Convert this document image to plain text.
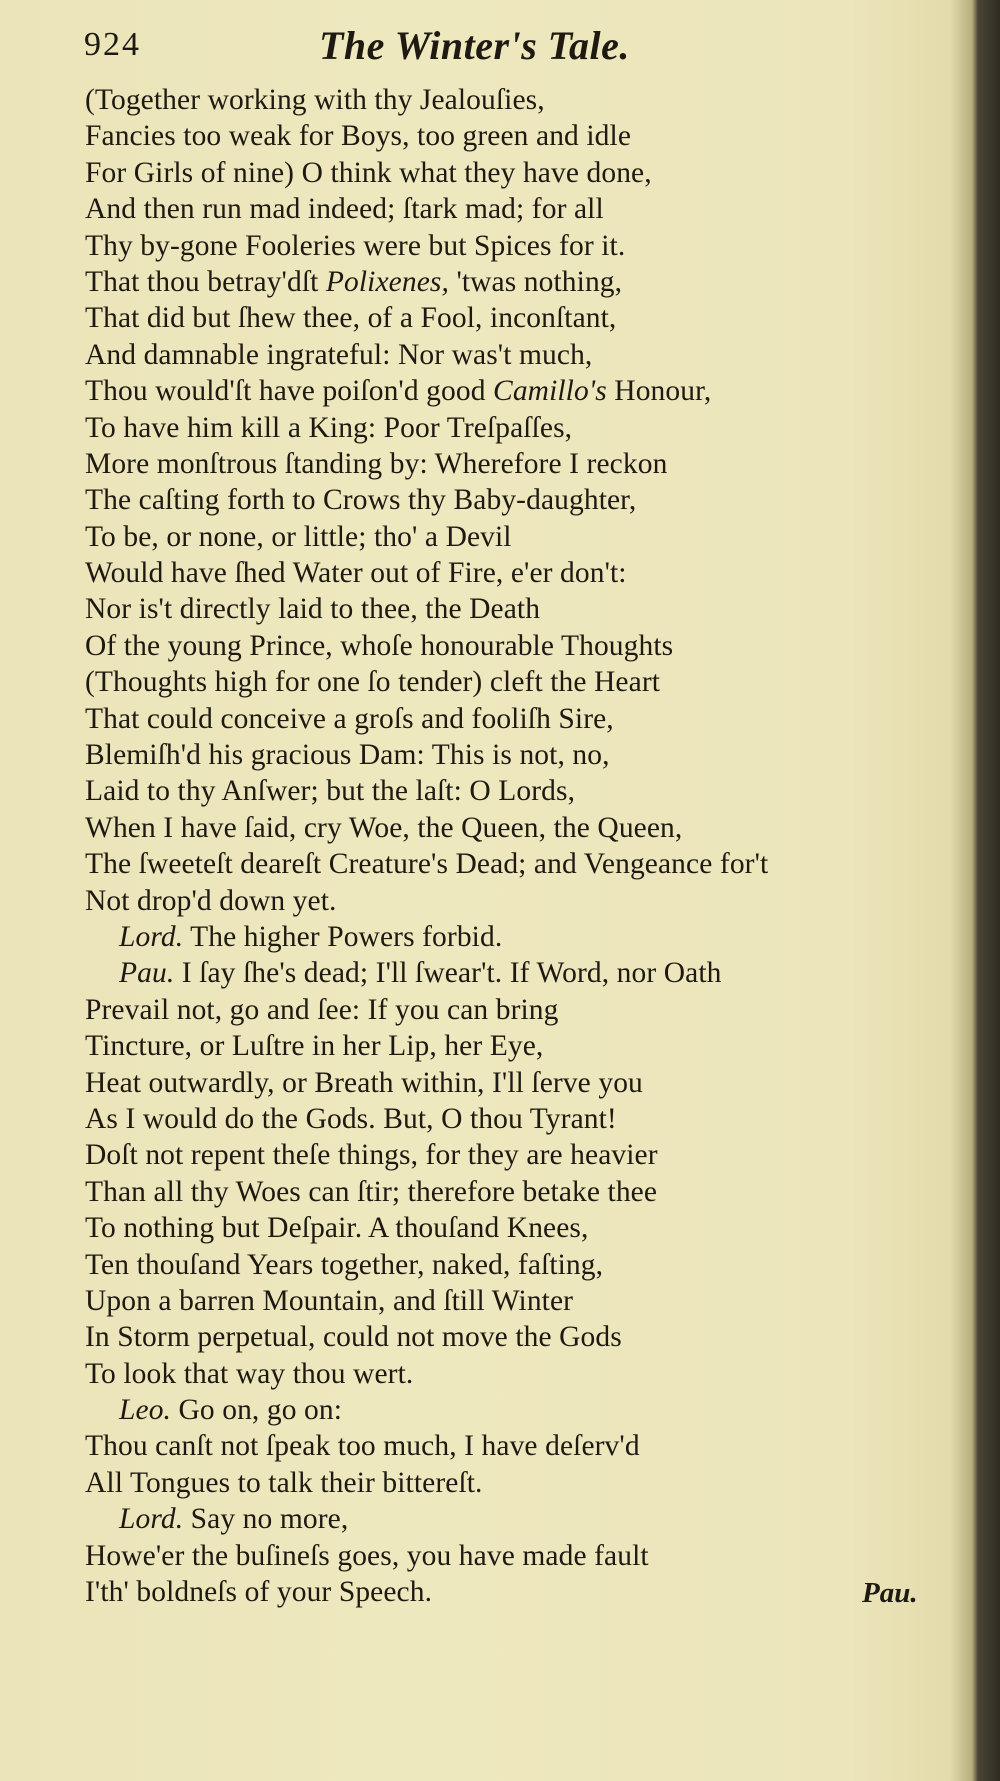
924	The Winter's Tale.
(Together working with thy Jealouſies,
Fancies too weak for Boys, too green and idle
For Girls of nine) O think what they have done,
And then run mad indeed; ſtark mad; for all
Thy by-gone Fooleries were but Spices for it.
That thou betray'dſt Polixenes, 'twas nothing,
That did but ſhew thee, of a Fool, inconſtant,
And damnable ingrateful: Nor was't much,
Thou would'ſt have poiſon'd good Camillo's Honour,
To have him kill a King: Poor Treſpaſſes,
More monſtrous ſtanding by: Wherefore I reckon
The caſting forth to Crows thy Baby-daughter,
To be, or none, or little; tho' a Devil
Would have ſhed Water out of Fire, e'er don't:
Nor is't directly laid to thee, the Death
Of the young Prince, whoſe honourable Thoughts
(Thoughts high for one ſo tender) cleft the Heart
That could conceive a groſs and fooliſh Sire,
Blemiſh'd his gracious Dam: This is not, no,
Laid to thy Anſwer; but the laſt: O Lords,
When I have ſaid, cry Woe, the Queen, the Queen,
The ſweeteſt deareſt Creature's Dead; and Vengeance for't
Not drop'd down yet.
Lord. The higher Powers forbid.
Pau. I ſay ſhe's dead; I'll ſwear't. If Word, nor Oath
Prevail not, go and ſee: If you can bring
Tincture, or Luſtre in her Lip, her Eye,
Heat outwardly, or Breath within, I'll ſerve you
As I would do the Gods. But, O thou Tyrant!
Doſt not repent theſe things, for they are heavier
Than all thy Woes can ſtir; therefore betake thee
To nothing but Deſpair. A thouſand Knees,
Ten thouſand Years together, naked, faſting,
Upon a barren Mountain, and ſtill Winter
In Storm perpetual, could not move the Gods
To look that way thou wert.
Leo. Go on, go on:
Thou canſt not ſpeak too much, I have deſerv'd
All Tongues to talk their bittereſt.
Lord. Say no more,
Howe'er the buſineſs goes, you have made fault
I'th' boldneſs of your Speech.	Pau.
